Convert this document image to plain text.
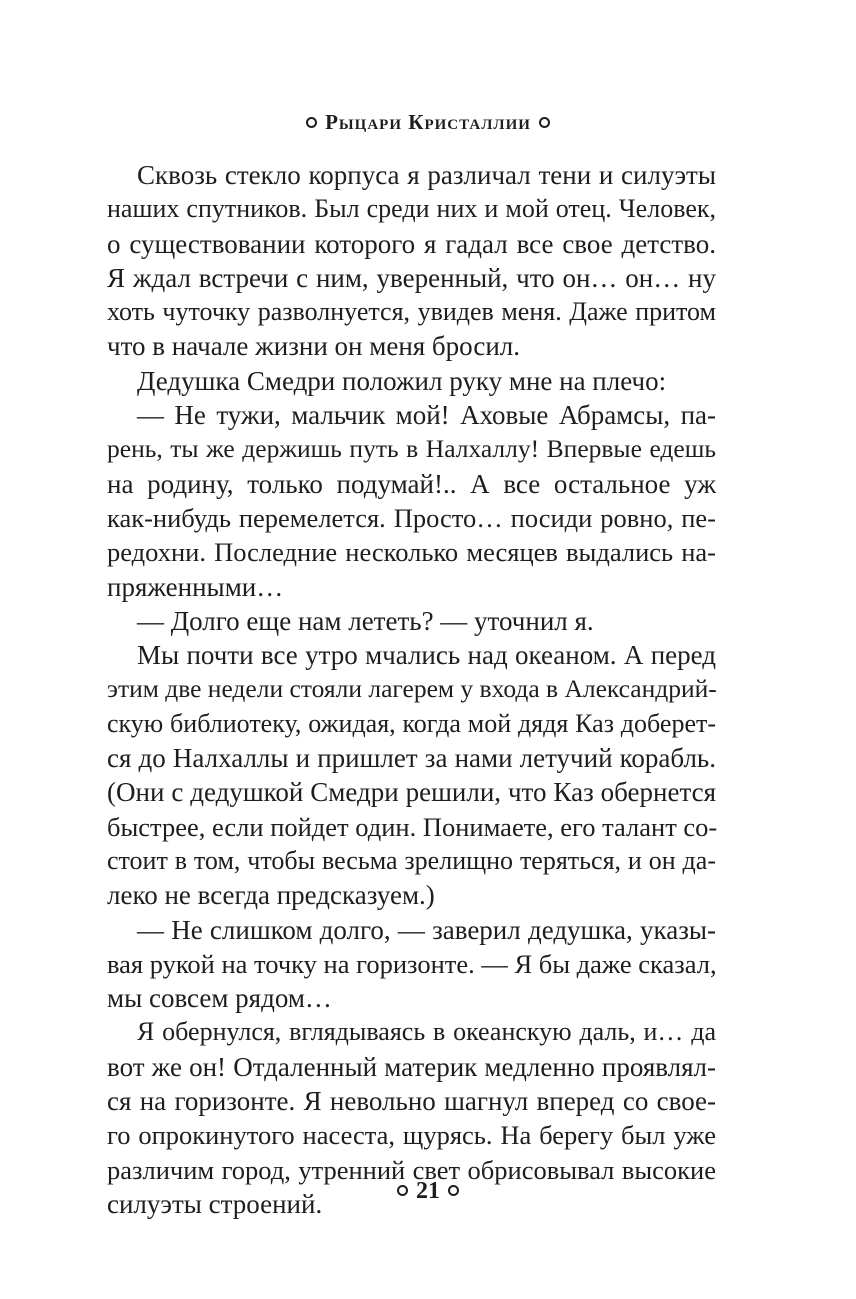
Рыцари Кристаллии
Сквозь стекло корпуса я различал тени и силуэты
наших спутников. Был среди них и мой отец. Человек,
о существовании которого я гадал все свое детство.
Я ждал встречи с ним, уверенный, что он… он… ну
хоть чуточку разволнуется, увидев меня. Даже притом
что в начале жизни он меня бросил.
Дедушка Смедри положил руку мне на плечо:
— Не тужи, мальчик мой! Аховые Абрамсы, па-
рень, ты же держишь путь в Налхаллу! Впервые едешь
на родину, только подумай!.. А все остальное уж
как-нибудь перемелется. Просто… посиди ровно, пе-
редохни. Последние несколько месяцев выдались на-
пряженными…
— Долго еще нам лететь? — уточнил я.
Мы почти все утро мчались над океаном. А перед
этим две недели стояли лагерем у входа в Александрий-
скую библиотеку, ожидая, когда мой дядя Каз доберет-
ся до Налхаллы и пришлет за нами летучий корабль.
(Они с дедушкой Смедри решили, что Каз обернется
быстрее, если пойдет один. Понимаете, его талант со-
стоит в том, чтобы весьма зрелищно теряться, и он да-
леко не всегда предсказуем.)
— Не слишком долго, — заверил дедушка, указы-
вая рукой на точку на горизонте. — Я бы даже сказал,
мы совсем рядом…
Я обернулся, вглядываясь в океанскую даль, и… да
вот же он! Отдаленный материк медленно проявлял-
ся на горизонте. Я невольно шагнул вперед со свое-
го опрокинутого насеста, щурясь. На берегу был уже
различим город, утренний свет обрисовывал высокие
силуэты строений.	21
